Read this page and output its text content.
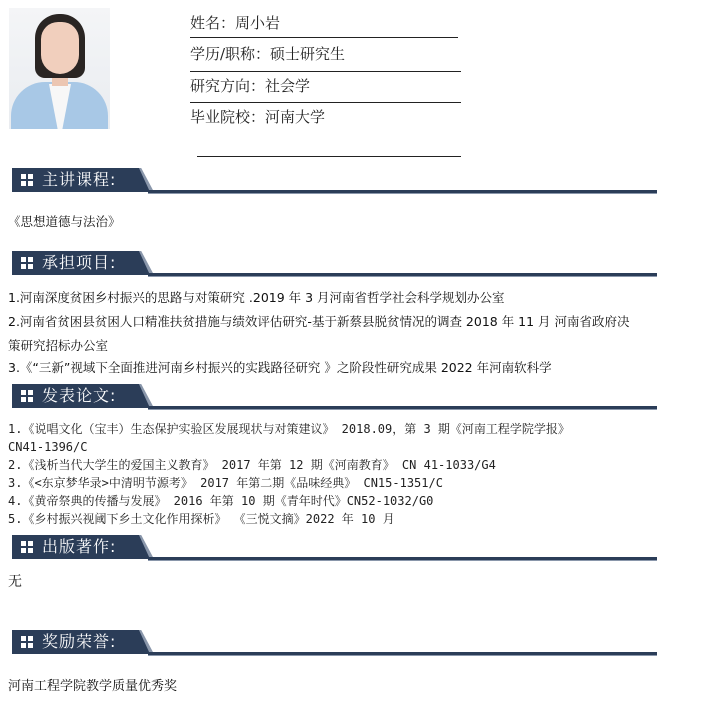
姓名：周小岩
学历/职称：硕士研究生
研究方向：社会学
毕业院校：河南大学
主讲课程:
《思想道德与法治》
承担项目:
1.河南深度贫困乡村振兴的思路与对策研究 .2019 年 3 月河南省哲学社会科学规划办公室
2.河南省贫困县贫困人口精准扶贫措施与绩效评估研究-基于新蔡县脱贫情况的调查 2018 年 11 月 河南省政府决
策研究招标办公室
3.《“三新”视域下全面推进河南乡村振兴的实践路径研究 》之阶段性研究成果 2022 年河南软科学
发表论文:
1.《说唱文化（宝丰）生态保护实验区发展现状与对策建议》 2018.09，第 3 期《河南工程学院学报》
CN41-1396/C
2.《浅析当代大学生的爱国主义教育》 2017 年第 12 期《河南教育》 CN 41-1033/G4
3.《<东京梦华录>中清明节源考》 2017 年第二期《品味经典》 CN15-1351/C
4.《黄帝祭典的传播与发展》 2016 年第 10 期《青年时代》CN52-1032/G0
5.《乡村振兴视阈下乡土文化作用探析》 《三悦文摘》2022 年 10 月
出版著作:
无
奖励荣誉:
河南工程学院教学质量优秀奖
